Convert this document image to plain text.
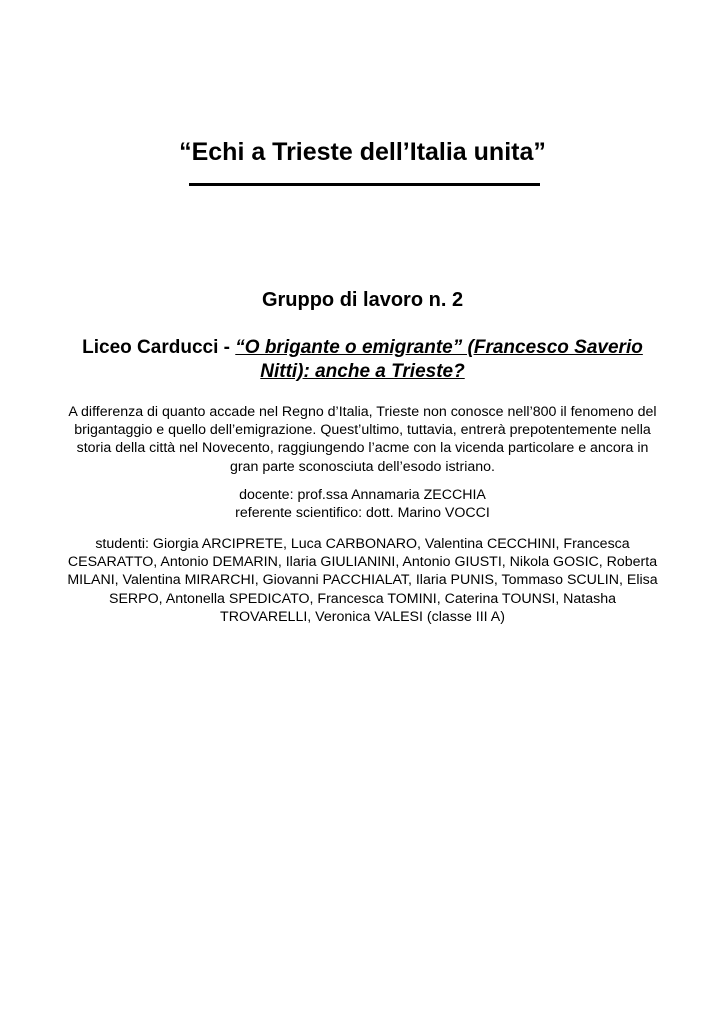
“Echi a Trieste dell’Italia unita”
Gruppo di lavoro n. 2

Liceo Carducci - “O brigante o emigrante” (Francesco Saverio Nitti): anche a Trieste?

A differenza di quanto accade nel Regno d’Italia, Trieste non conosce nell’800 il fenomeno del brigantaggio e quello dell’emigrazione. Quest’ultimo, tuttavia, entrerà prepotentemente nella storia della città nel Novecento, raggiungendo l’acme con la vicenda particolare e ancora in gran parte sconosciuta dell’esodo istriano.

docente: prof.ssa Annamaria ZECCHIA
referente scientifico: dott. Marino VOCCI

studenti: Giorgia ARCIPRETE, Luca CARBONARO, Valentina CECCHINI, Francesca CESARATTO, Antonio DEMARIN, Ilaria GIULIANINI, Antonio GIUSTI, Nikola GOSIC, Roberta MILANI, Valentina MIRARCHI, Giovanni PACCHIALAT, Ilaria PUNIS, Tommaso SCULIN, Elisa SERPO, Antonella SPEDICATO, Francesca TOMINI, Caterina TOUNSI, Natasha TROVARELLI, Veronica VALESI (classe III A)
